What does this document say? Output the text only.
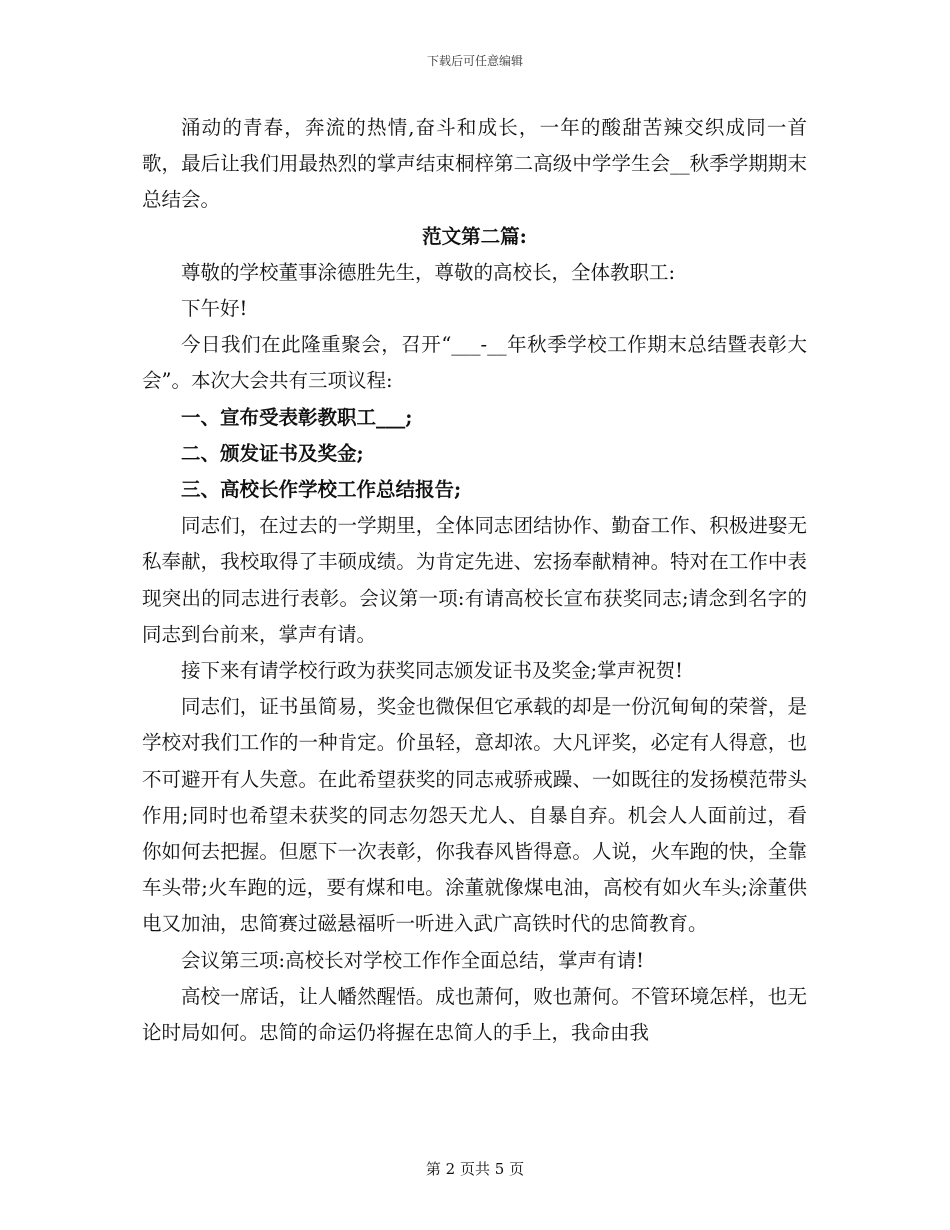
下载后可任意编辑

涌动的青春，奔流的热情,奋斗和成长，一年的酸甜苦辣交织成同一首歌，最后让我们用最热烈的掌声结束桐梓第二高级中学学生会__秋季学期期末总结会。

范文第二篇:

尊敬的学校董事涂德胜先生，尊敬的高校长，全体教职工:

下午好!

今日我们在此隆重聚会，召开“___-__年秋季学校工作期末总结暨表彰大会”。本次大会共有三项议程:

一、宣布受表彰教职工___;

二、颁发证书及奖金;

三、高校长作学校工作总结报告;

同志们，在过去的一学期里，全体同志团结协作、勤奋工作、积极进娶无私奉献，我校取得了丰硕成绩。为肯定先进、宏扬奉献精神。特对在工作中表现突出的同志进行表彰。会议第一项:有请高校长宣布获奖同志;请念到名字的同志到台前来，掌声有请。

接下来有请学校行政为获奖同志颁发证书及奖金;掌声祝贺!

同志们，证书虽简易，奖金也微保但它承载的却是一份沉甸甸的荣誉，是学校对我们工作的一种肯定。价虽轻，意却浓。大凡评奖，必定有人得意，也不可避开有人失意。在此希望获奖的同志戒骄戒躁、一如既往的发扬模范带头作用;同时也希望未获奖的同志勿怨天尤人、自暴自弃。机会人人面前过，看你如何去把握。但愿下一次表彰，你我春风皆得意。人说，火车跑的快，全靠车头带;火车跑的远，要有煤和电。涂董就像煤电油，高校有如火车头;涂董供电又加油，忠简赛过磁悬福听一听进入武广高铁时代的忠简教育。

会议第三项:高校长对学校工作作全面总结，掌声有请!

高校一席话，让人幡然醒悟。成也萧何，败也萧何。不管环境怎样，也无论时局如何。忠简的命运仍将握在忠简人的手上，我命由我

第 2 页共 5 页
